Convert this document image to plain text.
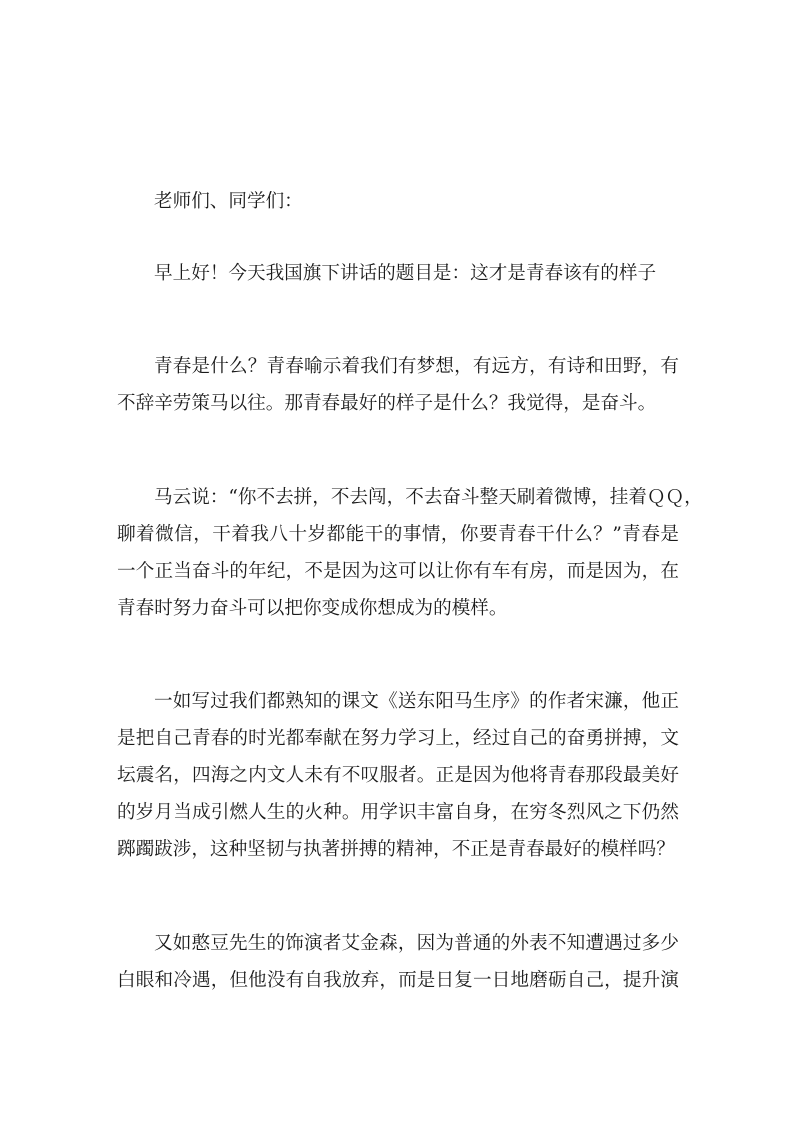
老师们、同学们：
早上好！今天我国旗下讲话的题目是：这才是青春该有的样子
青春是什么？青春喻示着我们有梦想，有远方，有诗和田野，有
不辞辛劳策马以往。那青春最好的样子是什么？我觉得，是奋斗。
马云说：“你不去拼，不去闯，不去奋斗整天刷着微博，挂着ＱＱ，
聊着微信，干着我八十岁都能干的事情，你要青春干什么？”青春是
一个正当奋斗的年纪，不是因为这可以让你有车有房，而是因为，在
青春时努力奋斗可以把你变成你想成为的模样。
一如写过我们都熟知的课文《送东阳马生序》的作者宋濂，他正
是把自己青春的时光都奉献在努力学习上，经过自己的奋勇拼搏，文
坛震名，四海之内文人未有不叹服者。正是因为他将青春那段最美好
的岁月当成引燃人生的火种。用学识丰富自身，在穷冬烈风之下仍然
踯躅跋涉，这种坚韧与执著拼搏的精神，不正是青春最好的模样吗？
又如憨豆先生的饰演者艾金森，因为普通的外表不知遭遇过多少
白眼和冷遇，但他没有自我放弃，而是日复一日地磨砺自己，提升演
